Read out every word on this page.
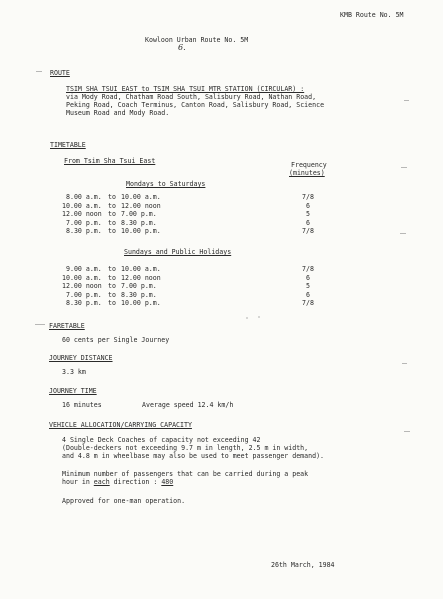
KMB Route No. 5M
Kowloon Urban Route No. 5M
6.
ROUTE
TSIM SHA TSUI EAST to TSIM SHA TSUI MTR STATION (CIRCULAR) :
via Mody Road, Chatham Road South, Salisbury Road, Nathan Road,
Peking Road, Coach Terminus, Canton Road, Salisbury Road, Science
Museum Road and Mody Road.
TIMETABLE
From Tsim Sha Tsui East	Frequency
(minutes)
Mondays to Saturdays
8.00 a.m. to 10.00 a.m.	7/8
10.00 a.m. to 12.00 noon	6
12.00 noon to 7.00 p.m.	5
7.00 p.m. to 8.30 p.m.	6
8.30 p.m. to 10.00 p.m.	7/8
Sundays and Public Holidays
9.00 a.m. to 10.00 a.m.	7/8
10.00 a.m. to 12.00 noon	6
12.00 noon to 7.00 p.m.	5
7.00 p.m. to 8.30 p.m.	6
8.30 p.m. to 10.00 p.m.	7/8
FARETABLE
60 cents per Single Journey
JOURNEY DISTANCE
3.3 km
JOURNEY TIME
16 minutes	Average speed 12.4 km/h
VEHICLE ALLOCATION/CARRYING CAPACITY
4 Single Deck Coaches of capacity not exceeding 42
(Double-deckers not exceeding 9.7 m in length, 2.5 m in width,
and 4.8 m in wheelbase may also be used to meet passenger demand).
Minimum number of passengers that can be carried during a peak
hour in each direction : 480
Approved for one-man operation.
26th March, 1984
